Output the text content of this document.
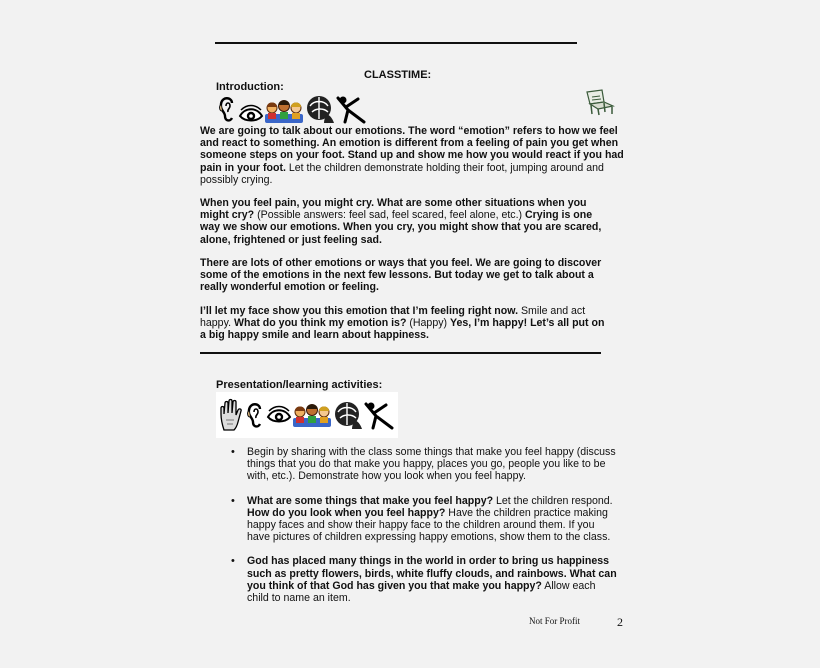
CLASSTIME:
Introduction:
We are going to talk about our emotions. The word “emotion” refers to how we feel and react to something. An emotion is different from a feeling of pain you get when someone steps on your foot. Stand up and show me how you would react if you had pain in your foot. Let the children demonstrate holding their foot, jumping around and possibly crying.
When you feel pain, you might cry. What are some other situations when you might cry? (Possible answers: feel sad, feel scared, feel alone, etc.) Crying is one way we show our emotions. When you cry, you might show that you are scared, alone, frightened or just feeling sad.
There are lots of other emotions or ways that you feel. We are going to discover some of the emotions in the next few lessons. But today we get to talk about a really wonderful emotion or feeling.
I’ll let my face show you this emotion that I’m feeling right now. Smile and act happy. What do you think my emotion is? (Happy) Yes, I’m happy! Let’s all put on a big happy smile and learn about happiness.
Presentation/learning activities:
• Begin by sharing with the class some things that make you feel happy (discuss things that you do that make you happy, places you go, people you like to be with, etc.). Demonstrate how you look when you feel happy.
• What are some things that make you feel happy? Let the children respond. How do you look when you feel happy? Have the children practice making happy faces and show their happy face to the children around them. If you have pictures of children expressing happy emotions, show them to the class.
• God has placed many things in the world in order to bring us happiness such as pretty flowers, birds, white fluffy clouds, and rainbows. What can you think of that God has given you that make you happy? Allow each child to name an item.
Not For Profit	2
